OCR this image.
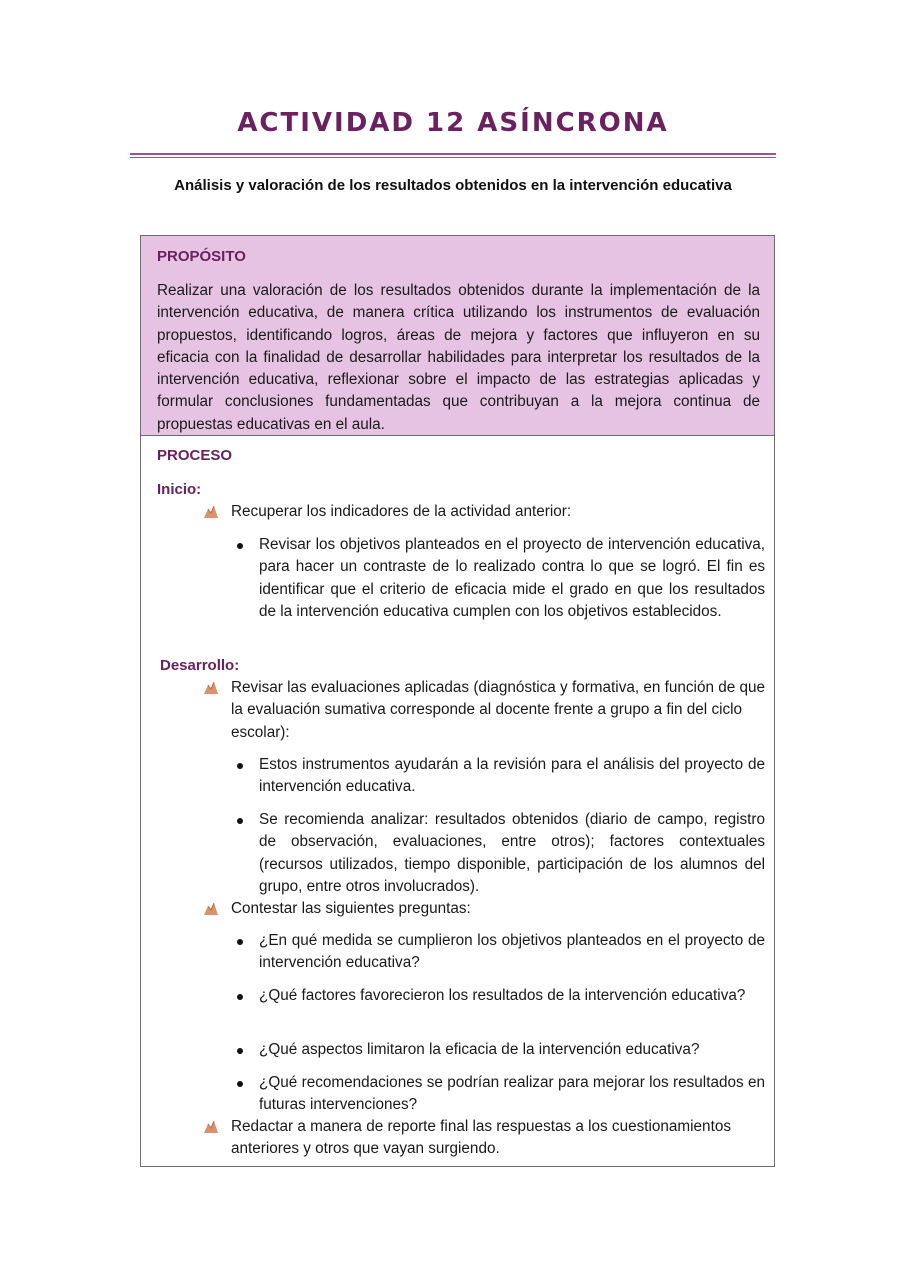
ACTIVIDAD 12 ASÍNCRONA
Análisis y valoración de los resultados obtenidos en la intervención educativa
PROPÓSITO
Realizar una valoración de los resultados obtenidos durante la implementación de la intervención educativa, de manera crítica utilizando los instrumentos de evaluación propuestos, identificando logros, áreas de mejora y factores que influyeron en su eficacia con la finalidad de desarrollar habilidades para interpretar los resultados de la intervención educativa, reflexionar sobre el impacto de las estrategias aplicadas y formular conclusiones fundamentadas que contribuyan a la mejora continua de propuestas educativas en el aula.
PROCESO
Inicio:
Recuperar los indicadores de la actividad anterior:
Revisar los objetivos planteados en el proyecto de intervención educativa, para hacer un contraste de lo realizado contra lo que se logró. El fin es identificar que el criterio de eficacia mide el grado en que los resultados de la intervención educativa cumplen con los objetivos establecidos.
Desarrollo:
Revisar las evaluaciones aplicadas (diagnóstica y formativa, en función de que la evaluación sumativa corresponde al docente frente a grupo a fin del ciclo escolar):
Estos instrumentos ayudarán a la revisión para el análisis del proyecto de intervención educativa.
Se recomienda analizar: resultados obtenidos (diario de campo, registro de observación, evaluaciones, entre otros); factores contextuales (recursos utilizados, tiempo disponible, participación de los alumnos del grupo, entre otros involucrados).
Contestar las siguientes preguntas:
¿En qué medida se cumplieron los objetivos planteados en el proyecto de intervención educativa?
¿Qué factores favorecieron los resultados de la intervención educativa?
¿Qué aspectos limitaron la eficacia de la intervención educativa?
¿Qué recomendaciones se podrían realizar para mejorar los resultados en futuras intervenciones?
Redactar a manera de reporte final las respuestas a los cuestionamientos anteriores y otros que vayan surgiendo.
